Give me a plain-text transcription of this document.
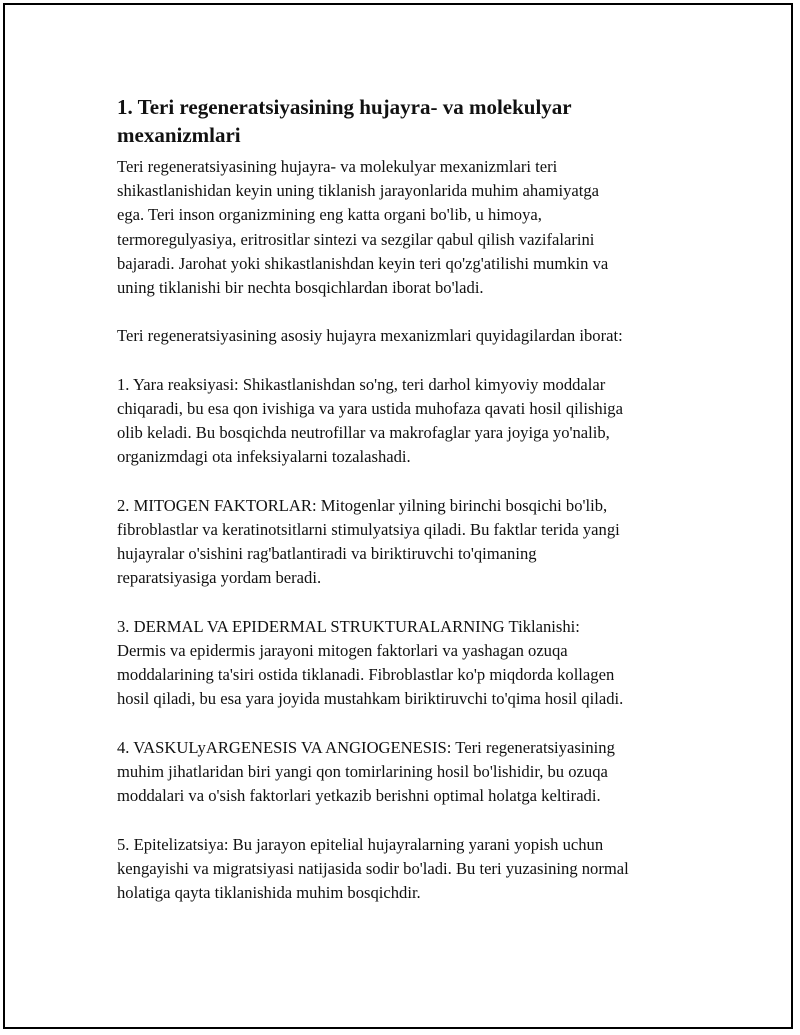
1. Teri regeneratsiyasining hujayra- va molekulyar
mexanizmlari

Teri regeneratsiyasining hujayra- va molekulyar mexanizmlari teri
shikastlanishidan keyin uning tiklanish jarayonlarida muhim ahamiyatga
ega. Teri inson organizmining eng katta organi bo'lib, u himoya,
termoregulyasiya, eritrositlar sintezi va sezgilar qabul qilish vazifalarini
bajaradi. Jarohat yoki shikastlanishdan keyin teri qo'zg'atilishi mumkin va
uning tiklanishi bir nechta bosqichlardan iborat bo'ladi.

Teri regeneratsiyasining asosiy hujayra mexanizmlari quyidagilardan iborat:

1. Yara reaksiyasi: Shikastlanishdan so'ng, teri darhol kimyoviy moddalar
chiqaradi, bu esa qon ivishiga va yara ustida muhofaza qavati hosil qilishiga
olib keladi. Bu bosqichda neutrofillar va makrofaglar yara joyiga yo'nalib,
organizmdagi ota infeksiyalarni tozalashadi.

2. MITOGEN FAKTORLAR: Mitogenlar yilning birinchi bosqichi bo'lib,
fibroblastlar va keratinotsitlarni stimulyatsiya qiladi. Bu faktlar terida yangi
hujayralar o'sishini rag'batlantiradi va biriktiruvchi to'qimaning
reparatsiyasiga yordam beradi.

3. DERMAL VA EPIDERMAL STRUKTURALARNING Tiklanishi:
Dermis va epidermis jarayoni mitogen faktorlari va yashagan ozuqa
moddalarining ta'siri ostida tiklanadi. Fibroblastlar ko'p miqdorda kollagen
hosil qiladi, bu esa yara joyida mustahkam biriktiruvchi to'qima hosil qiladi.

4. VASKULyARGENESIS VA ANGIOGENESIS: Teri regeneratsiyasining
muhim jihatlaridan biri yangi qon tomirlarining hosil bo'lishidir, bu ozuqa
moddalari va o'sish faktorlari yetkazib berishni optimal holatga keltiradi.

5. Epitelizatsiya: Bu jarayon epitelial hujayralarning yarani yopish uchun
kengayishi va migratsiyasi natijasida sodir bo'ladi. Bu teri yuzasining normal
holatiga qayta tiklanishida muhim bosqichdir.
